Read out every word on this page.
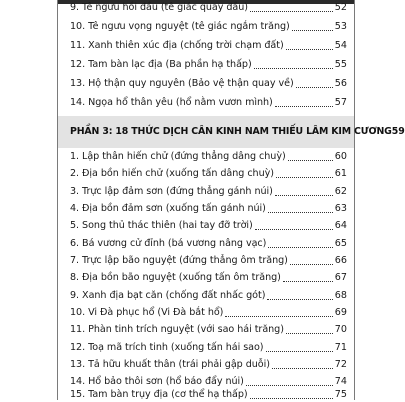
9. Tê ngưu hồi đầu (tê giác quay đầu)	52
10. Tê ngưu vọng nguyệt (tê giác ngắm trăng)	53
11. Xanh thiên xúc địa (chống trời chạm đất)	54
12. Tam bàn lạc địa (Ba phần hạ thấp)	55
13. Hộ thận quy nguyên (Bảo vệ thận quay về)	56
14. Ngọa hổ thân yêu (hổ nằm vươn mình)	57
PHẦN 3: 18 THỨC DỊCH CÂN KINH NAM THIẾU LÂM KIM CƯƠNG 59
1. Lập thân hiến chử (đứng thẳng dâng chuỳ)	60
2. Địa bồn hiến chử (xuống tấn dâng chuỳ)	61
3. Trực lập đảm sơn (đứng thẳng gánh núi)	62
4. Địa bồn đảm sơn (xuống tấn gánh núi)	63
5. Song thủ thác thiên (hai tay đỡ trời)	64
6. Bá vương cử đỉnh (bá vương nâng vạc)	65
7. Trực lập bão nguyệt (đứng thẳng ôm trăng)	66
8. Địa bồn bão nguyệt (xuống tấn ôm trăng)	67
9. Xanh địa bạt căn (chống đất nhấc gót)	68
10. Vi Đà phục hổ (Vi Đà bắt hổ)	69
11. Phàn tinh trích nguyệt (với sao hái trăng)	70
12. Toạ mã trích tinh (xuống tấn hái sao)	71
13. Tả hữu khuất thân (trái phải gập duỗi)	72
14. Hổ bảo thôi sơn (hổ báo đẩy núi)	74
15. Tam bàn trụy địa (cơ thể hạ thấp)	75
